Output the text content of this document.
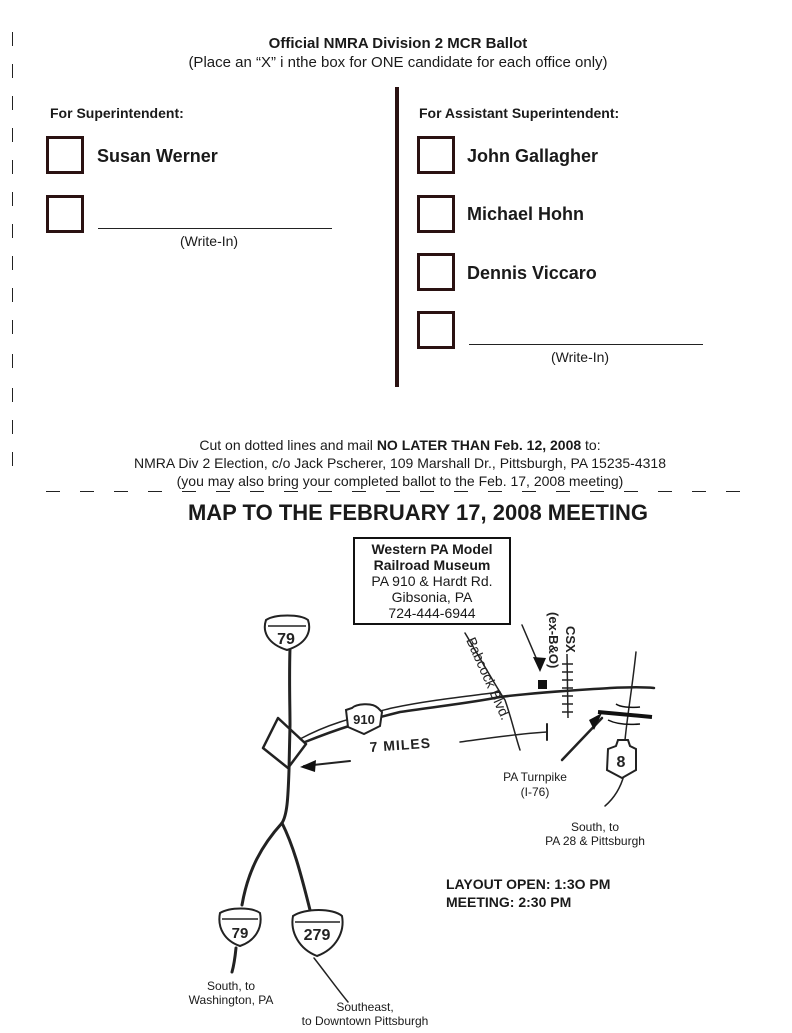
Official NMRA Division 2 MCR Ballot
(Place an “X” i nthe box for ONE candidate for each office only)
For Superintendent:
Susan Werner
(Write-In)
For Assistant Superintendent:
John Gallagher
Michael Hohn
Dennis Viccaro
(Write-In)
Cut on dotted lines and mail NO LATER THAN Feb. 12, 2008 to:
NMRA Div 2 Election, c/o Jack Pscherer, 109 Marshall Dr., Pittsburgh, PA 15235-4318
(you may also bring your completed ballot to the Feb. 17, 2008 meeting)
MAP TO THE FEBRUARY 17, 2008 MEETING
Western PA Model
Railroad Museum
PA 910 & Hardt Rd.
Gibsonia, PA
724-444-6944
79
910
8
79	279
Babcock Blvd.	CSX
(ex-B&O)
7 MILES
PA Turnpike
(I-76)
South, to
PA 28 & Pittsburgh
South, to
Washington, PA	Southeast,
to Downtown Pittsburgh
LAYOUT OPEN: 1:3O PM
MEETING: 2:30 PM
